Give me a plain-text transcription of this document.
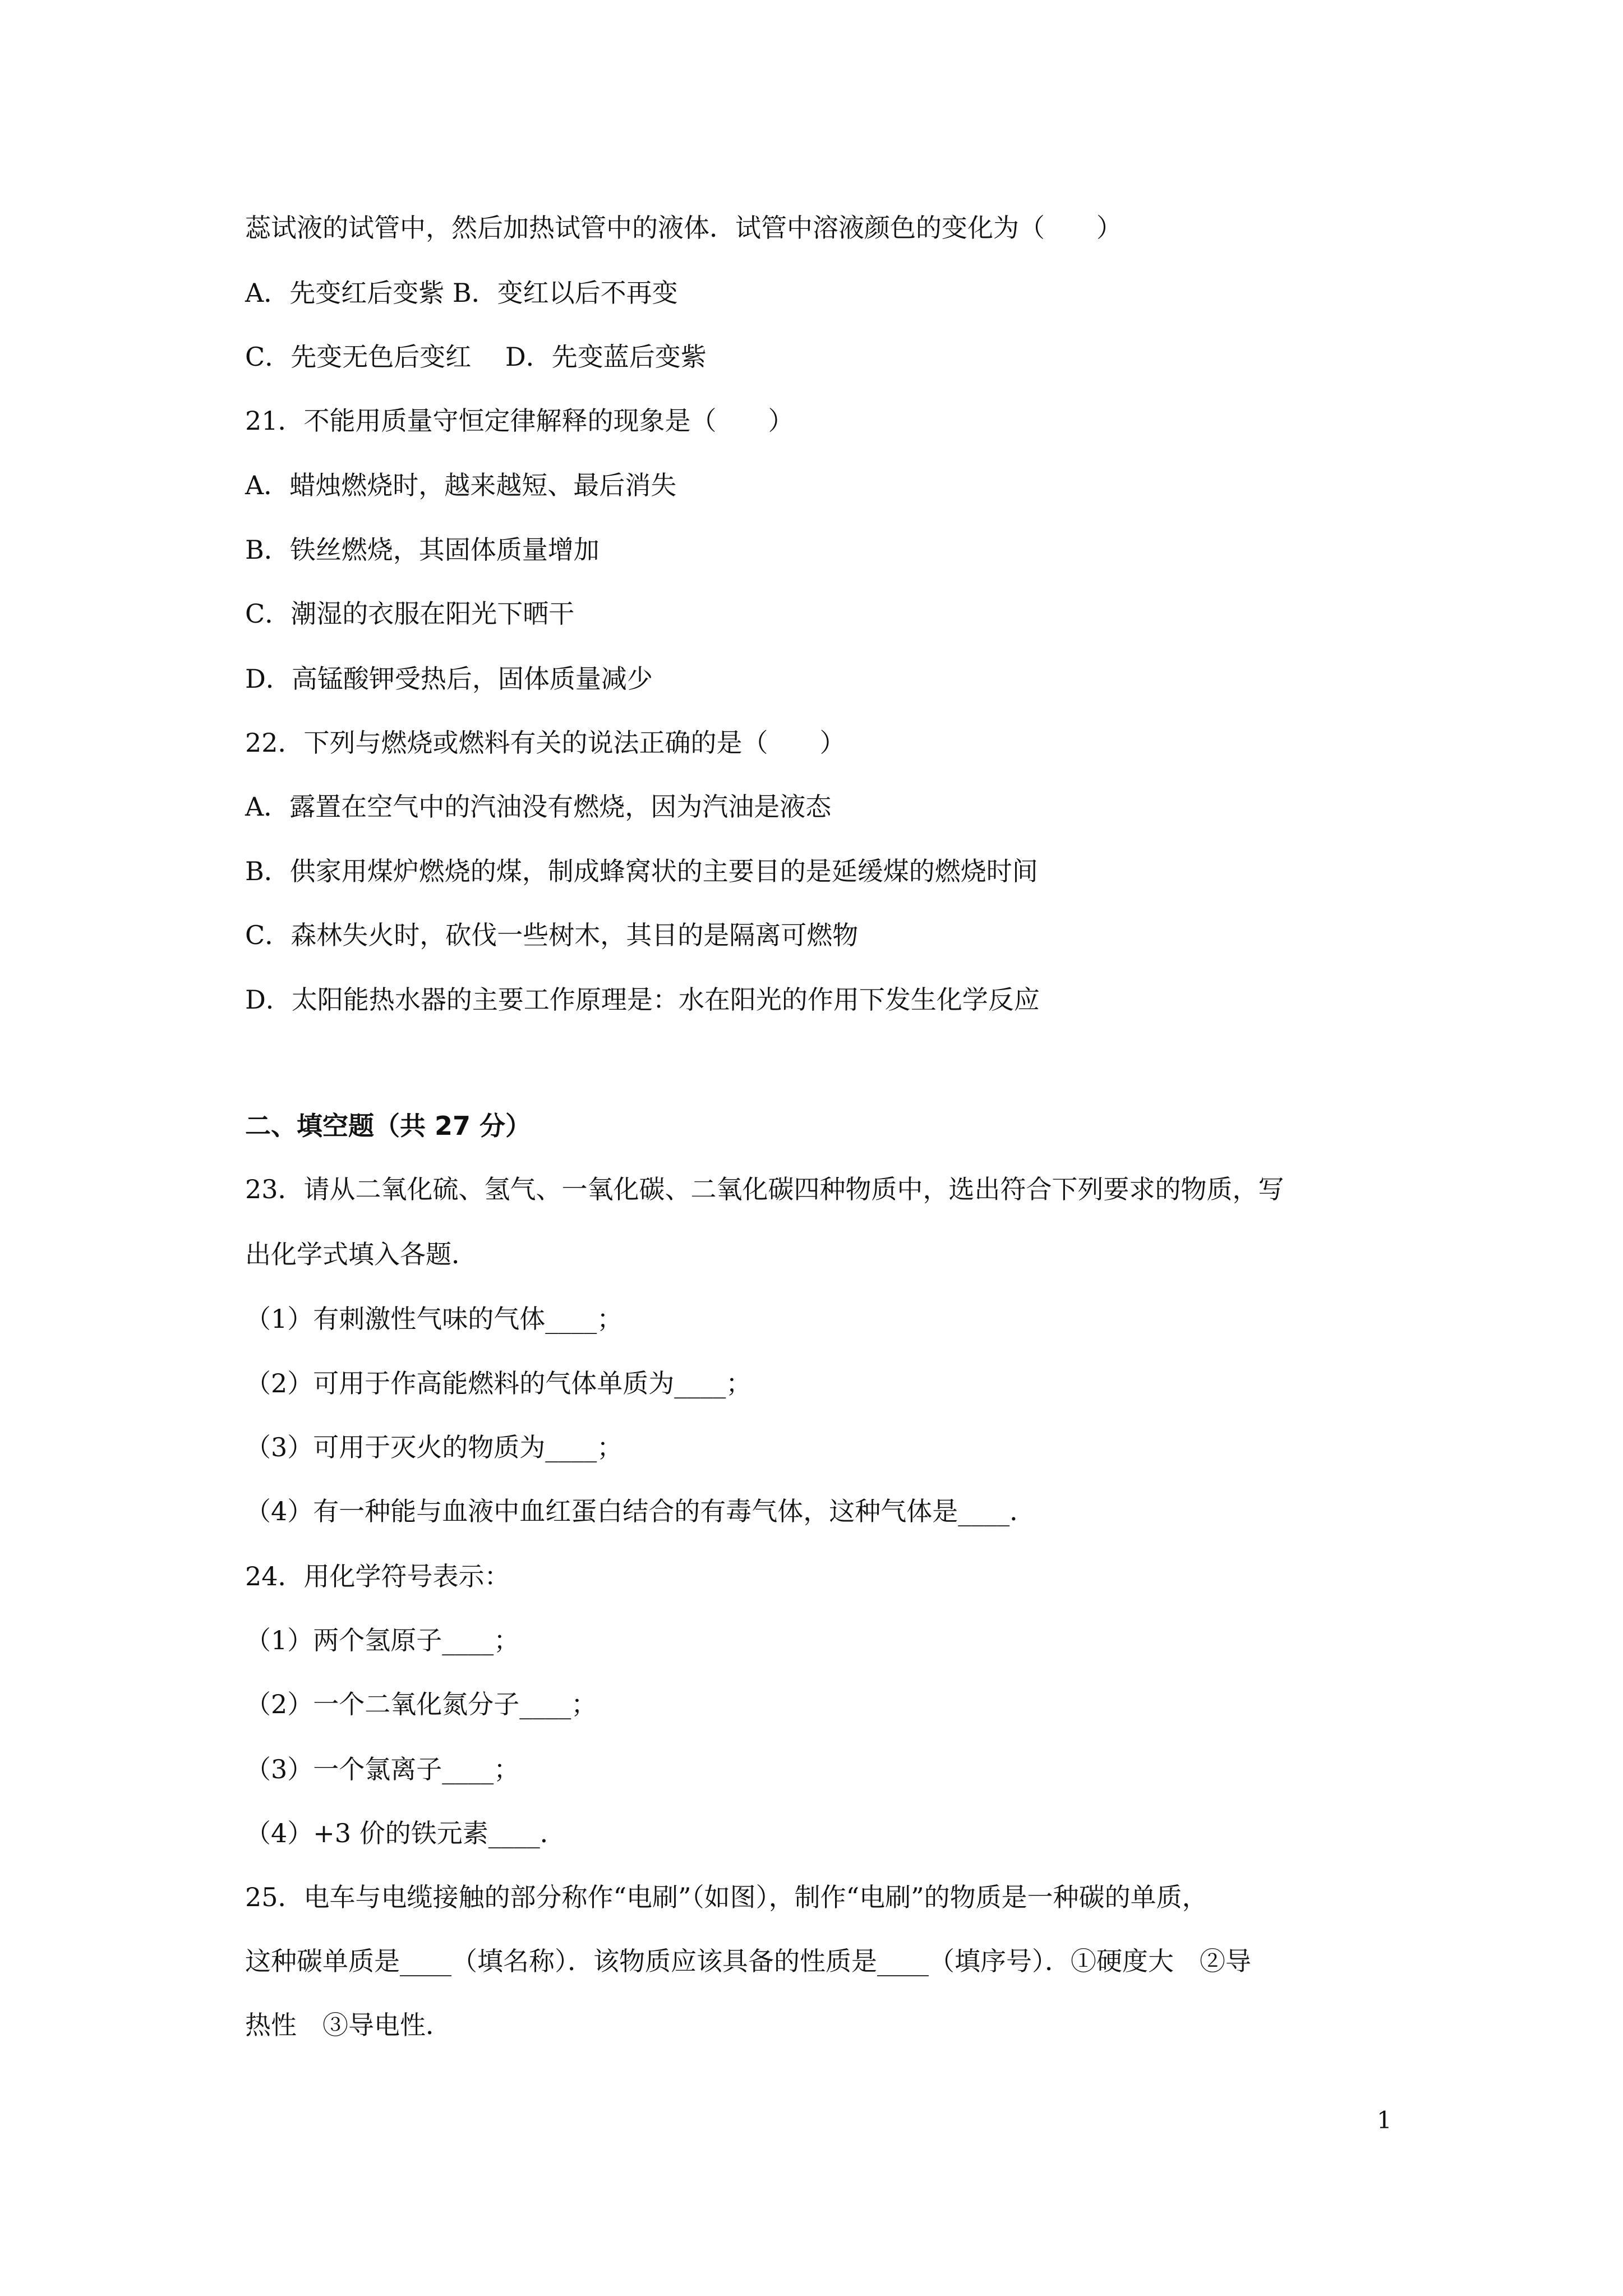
蕊试液的试管中，然后加热试管中的液体．试管中溶液颜色的变化为（　　）
A．先变红后变紫 B．变红以后不再变
C．先变无色后变红　 D．先变蓝后变紫
21．不能用质量守恒定律解释的现象是（　　）
A．蜡烛燃烧时，越来越短、最后消失
B．铁丝燃烧，其固体质量增加
C．潮湿的衣服在阳光下晒干
D．高锰酸钾受热后，固体质量减少
22．下列与燃烧或燃料有关的说法正确的是（　　）
A．露置在空气中的汽油没有燃烧，因为汽油是液态
B．供家用煤炉燃烧的煤，制成蜂窝状的主要目的是延缓煤的燃烧时间
C．森林失火时，砍伐一些树木，其目的是隔离可燃物
D．太阳能热水器的主要工作原理是：水在阳光的作用下发生化学反应
二、填空题（共 27 分）
23．请从二氧化硫、氢气、一氧化碳、二氧化碳四种物质中，选出符合下列要求的物质，写
出化学式填入各题．
（1）有刺激性气味的气体____；
（2）可用于作高能燃料的气体单质为____；
（3）可用于灭火的物质为____；
（4）有一种能与血液中血红蛋白结合的有毒气体，这种气体是____．
24．用化学符号表示：
（1）两个氢原子____；
（2）一个二氧化氮分子____；
（3）一个氯离子____；
（4）+3 价的铁元素____．
25．电车与电缆接触的部分称作“电刷”（如图），制作“电刷”的物质是一种碳的单质，
这种碳单质是____（填名称）．该物质应该具备的性质是____（填序号）．①硬度大　②导
热性　③导电性．
1
